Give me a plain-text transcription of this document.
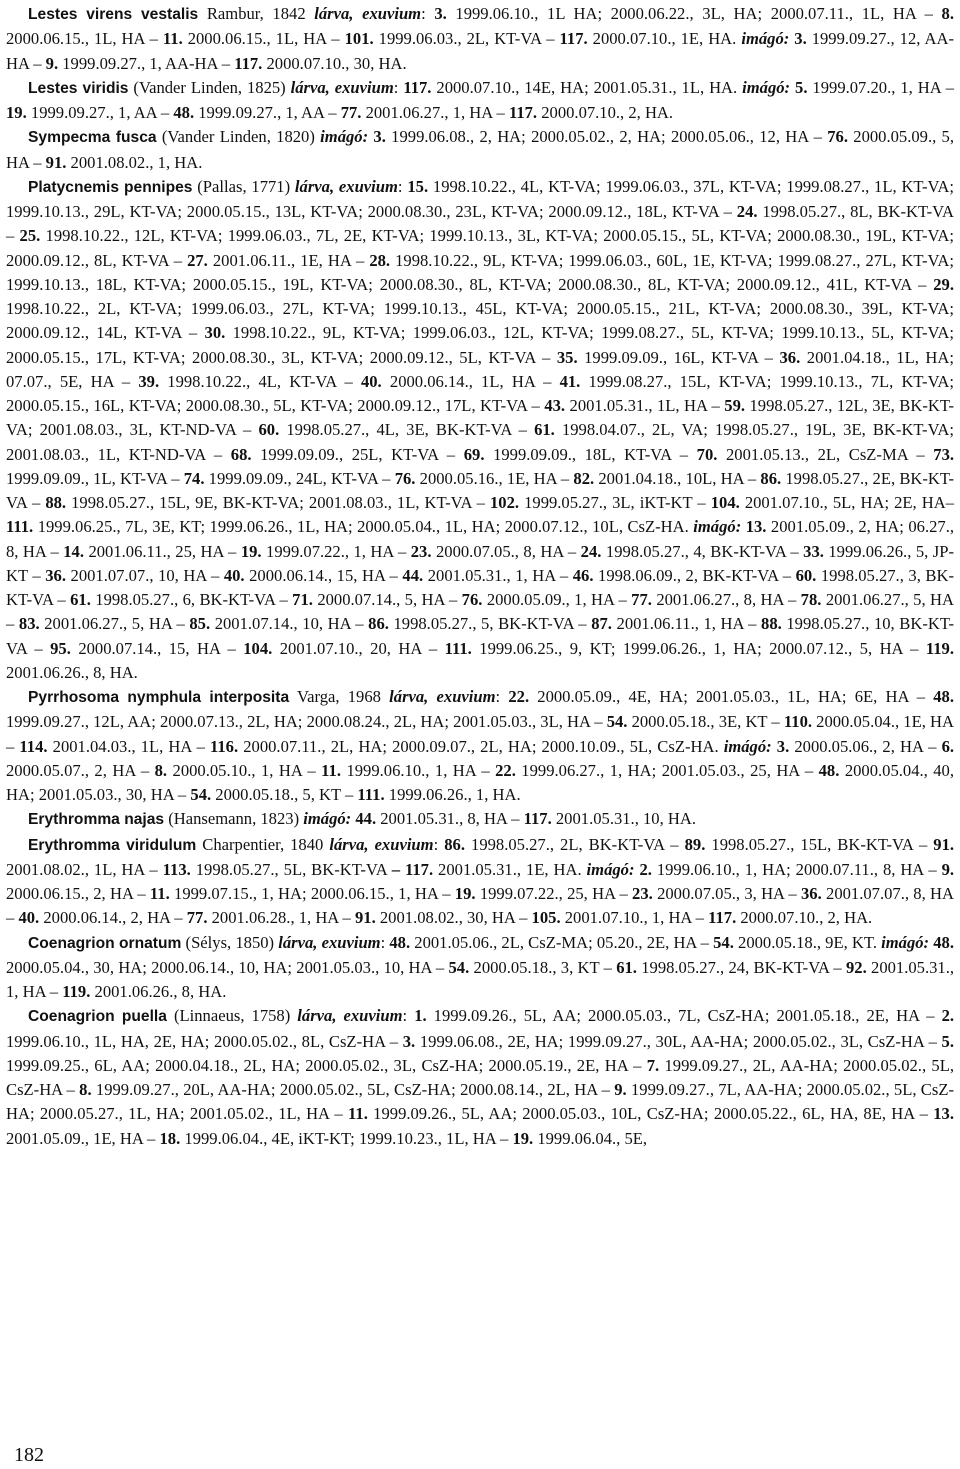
Lestes virens vestalis Rambur, 1842 lárva, exuvium: 3. 1999.06.10., 1L HA; 2000.06.22., 3L, HA; 2000.07.11., 1L, HA – 8. 2000.06.15., 1L, HA – 11. 2000.06.15., 1L, HA – 101. 1999.06.03., 2L, KT-VA – 117. 2000.07.10., 1E, HA. imágó: 3. 1999.09.27., 12, AA-HA – 9. 1999.09.27., 1, AA-HA – 117. 2000.07.10., 30, HA.

Lestes viridis (Vander Linden, 1825) lárva, exuvium: 117. 2000.07.10., 14E, HA; 2001.05.31., 1L, HA. imágó: 5. 1999.07.20., 1, HA – 19. 1999.09.27., 1, AA – 48. 1999.09.27., 1, AA – 77. 2001.06.27., 1, HA – 117. 2000.07.10., 2, HA.

Sympecma fusca (Vander Linden, 1820) imágó: 3. 1999.06.08., 2, HA; 2000.05.02., 2, HA; 2000.05.06., 12, HA – 76. 2000.05.09., 5, HA – 91. 2001.08.02., 1, HA.

Platycnemis pennipes (Pallas, 1771) lárva, exuvium: 15. 1998.10.22., 4L, KT-VA; 1999.06.03., 37L, KT-VA; 1999.08.27., 1L, KT-VA; 1999.10.13., 29L, KT-VA; 2000.05.15., 13L, KT-VA; 2000.08.30., 23L, KT-VA; 2000.09.12., 18L, KT-VA – 24. 1998.05.27., 8L, BK-KT-VA – 25. 1998.10.22., 12L, KT-VA; 1999.06.03., 7L, 2E, KT-VA; 1999.10.13., 3L, KT-VA; 2000.05.15., 5L, KT-VA; 2000.08.30., 19L, KT-VA; 2000.09.12., 8L, KT-VA – 27. 2001.06.11., 1E, HA – 28. 1998.10.22., 9L, KT-VA; 1999.06.03., 60L, 1E, KT-VA; 1999.08.27., 27L, KT-VA; 1999.10.13., 18L, KT-VA; 2000.05.15., 19L, KT-VA; 2000.08.30., 8L, KT-VA; 2000.08.30., 8L, KT-VA; 2000.09.12., 41L, KT-VA – 29. 1998.10.22., 2L, KT-VA; 1999.06.03., 27L, KT-VA; 1999.10.13., 45L, KT-VA; 2000.05.15., 21L, KT-VA; 2000.08.30., 39L, KT-VA; 2000.09.12., 14L, KT-VA – 30. 1998.10.22., 9L, KT-VA; 1999.06.03., 12L, KT-VA; 1999.08.27., 5L, KT-VA; 1999.10.13., 5L, KT-VA; 2000.05.15., 17L, KT-VA; 2000.08.30., 3L, KT-VA; 2000.09.12., 5L, KT-VA – 35. 1999.09.09., 16L, KT-VA – 36. 2001.04.18., 1L, HA; 07.07., 5E, HA – 39. 1998.10.22., 4L, KT-VA – 40. 2000.06.14., 1L, HA – 41. 1999.08.27., 15L, KT-VA; 1999.10.13., 7L, KT-VA; 2000.05.15., 16L, KT-VA; 2000.08.30., 5L, KT-VA; 2000.09.12., 17L, KT-VA – 43. 2001.05.31., 1L, HA – 59. 1998.05.27., 12L, 3E, BK-KT-VA; 2001.08.03., 3L, KT-ND-VA – 60. 1998.05.27., 4L, 3E, BK-KT-VA – 61. 1998.04.07., 2L, VA; 1998.05.27., 19L, 3E, BK-KT-VA; 2001.08.03., 1L, KT-ND-VA – 68. 1999.09.09., 25L, KT-VA – 69. 1999.09.09., 18L, KT-VA – 70. 2001.05.13., 2L, CsZ-MA – 73. 1999.09.09., 1L, KT-VA – 74. 1999.09.09., 24L, KT-VA – 76. 2000.05.16., 1E, HA – 82. 2001.04.18., 10L, HA – 86. 1998.05.27., 2E, BK-KT-VA – 88. 1998.05.27., 15L, 9E, BK-KT-VA; 2001.08.03., 1L, KT-VA – 102. 1999.05.27., 3L, iKT-KT – 104. 2001.07.10., 5L, HA; 2E, HA– 111. 1999.06.25., 7L, 3E, KT; 1999.06.26., 1L, HA; 2000.05.04., 1L, HA; 2000.07.12., 10L, CsZ-HA. imágó: 13. 2001.05.09., 2, HA; 06.27., 8, HA – 14. 2001.06.11., 25, HA – 19. 1999.07.22., 1, HA – 23. 2000.07.05., 8, HA – 24. 1998.05.27., 4, BK-KT-VA – 33. 1999.06.26., 5, JP-KT – 36. 2001.07.07., 10, HA – 40. 2000.06.14., 15, HA – 44. 2001.05.31., 1, HA – 46. 1998.06.09., 2, BK-KT-VA – 60. 1998.05.27., 3, BK-KT-VA – 61. 1998.05.27., 6, BK-KT-VA – 71. 2000.07.14., 5, HA – 76. 2000.05.09., 1, HA – 77. 2001.06.27., 8, HA – 78. 2001.06.27., 5, HA – 83. 2001.06.27., 5, HA – 85. 2001.07.14., 10, HA – 86. 1998.05.27., 5, BK-KT-VA – 87. 2001.06.11., 1, HA – 88. 1998.05.27., 10, BK-KT-VA – 95. 2000.07.14., 15, HA – 104. 2001.07.10., 20, HA – 111. 1999.06.25., 9, KT; 1999.06.26., 1, HA; 2000.07.12., 5, HA – 119. 2001.06.26., 8, HA.

Pyrrhosoma nymphula interposita Varga, 1968 lárva, exuvium: 22. 2000.05.09., 4E, HA; 2001.05.03., 1L, HA; 6E, HA – 48. 1999.09.27., 12L, AA; 2000.07.13., 2L, HA; 2000.08.24., 2L, HA; 2001.05.03., 3L, HA – 54. 2000.05.18., 3E, KT – 110. 2000.05.04., 1E, HA – 114. 2001.04.03., 1L, HA – 116. 2000.07.11., 2L, HA; 2000.09.07., 2L, HA; 2000.10.09., 5L, CsZ-HA. imágó: 3. 2000.05.06., 2, HA – 6. 2000.05.07., 2, HA – 8. 2000.05.10., 1, HA – 11. 1999.06.10., 1, HA – 22. 1999.06.27., 1, HA; 2001.05.03., 25, HA – 48. 2000.05.04., 40, HA; 2001.05.03., 30, HA – 54. 2000.05.18., 5, KT – 111. 1999.06.26., 1, HA.

Erythromma najas (Hansemann, 1823) imágó: 44. 2001.05.31., 8, HA – 117. 2001.05.31., 10, HA.

Erythromma viridulum Charpentier, 1840 lárva, exuvium: 86. 1998.05.27., 2L, BK-KT-VA – 89. 1998.05.27., 15L, BK-KT-VA – 91. 2001.08.02., 1L, HA – 113. 1998.05.27., 5L, BK-KT-VA – 117. 2001.05.31., 1E, HA. imágó: 2. 1999.06.10., 1, HA; 2000.07.11., 8, HA – 9. 2000.06.15., 2, HA – 11. 1999.07.15., 1, HA; 2000.06.15., 1, HA – 19. 1999.07.22., 25, HA – 23. 2000.07.05., 3, HA – 36. 2001.07.07., 8, HA – 40. 2000.06.14., 2, HA – 77. 2001.06.28., 1, HA – 91. 2001.08.02., 30, HA – 105. 2001.07.10., 1, HA – 117. 2000.07.10., 2, HA.

Coenagrion ornatum (Sélys, 1850) lárva, exuvium: 48. 2001.05.06., 2L, CsZ-MA; 05.20., 2E, HA – 54. 2000.05.18., 9E, KT. imágó: 48. 2000.05.04., 30, HA; 2000.06.14., 10, HA; 2001.05.03., 10, HA – 54. 2000.05.18., 3, KT – 61. 1998.05.27., 24, BK-KT-VA – 92. 2001.05.31., 1, HA – 119. 2001.06.26., 8, HA.

Coenagrion puella (Linnaeus, 1758) lárva, exuvium: 1. 1999.09.26., 5L, AA; 2000.05.03., 7L, CsZ-HA; 2001.05.18., 2E, HA – 2. 1999.06.10., 1L, HA, 2E, HA; 2000.05.02., 8L, CsZ-HA – 3. 1999.06.08., 2E, HA; 1999.09.27., 30L, AA-HA; 2000.05.02., 3L, CsZ-HA – 5. 1999.09.25., 6L, AA; 2000.04.18., 2L, HA; 2000.05.02., 3L, CsZ-HA; 2000.05.19., 2E, HA – 7. 1999.09.27., 2L, AA-HA; 2000.05.02., 5L, CsZ-HA – 8. 1999.09.27., 20L, AA-HA; 2000.05.02., 5L, CsZ-HA; 2000.08.14., 2L, HA – 9. 1999.09.27., 7L, AA-HA; 2000.05.02., 5L, CsZ-HA; 2000.05.27., 1L, HA; 2001.05.02., 1L, HA – 11. 1999.09.26., 5L, AA; 2000.05.03., 10L, CsZ-HA; 2000.05.22., 6L, HA, 8E, HA – 13. 2001.05.09., 1E, HA – 18. 1999.06.04., 4E, iKT-KT; 1999.10.23., 1L, HA – 19. 1999.06.04., 5E,

182
